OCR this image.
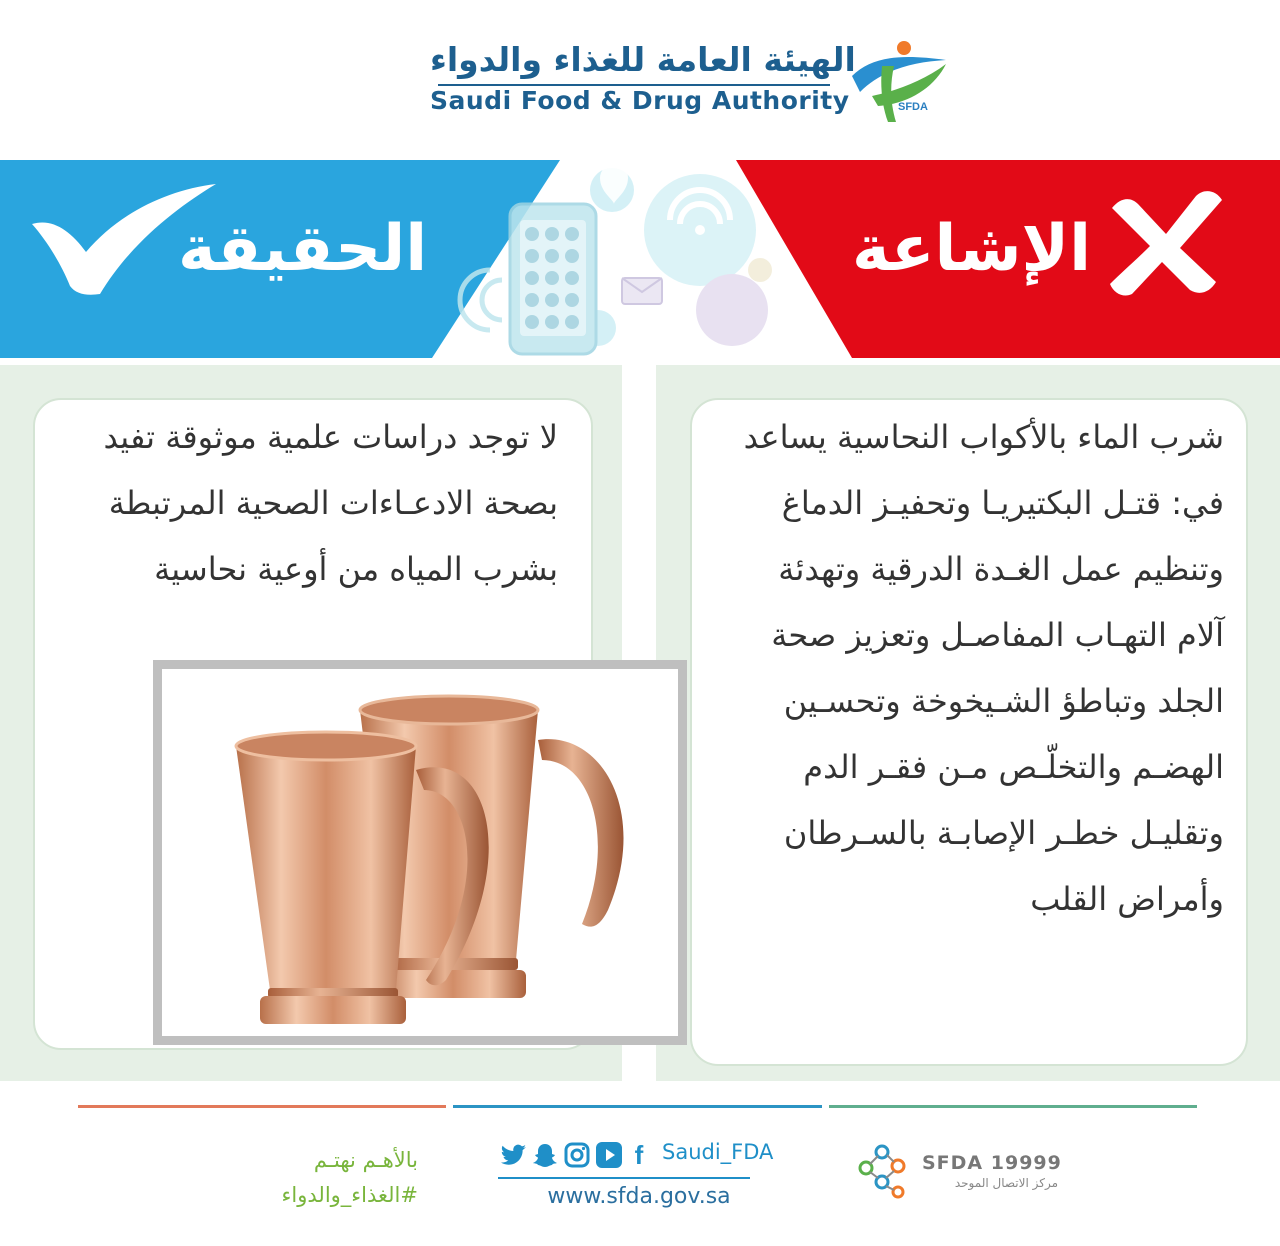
الهيئة العامة للغذاء والدواء
Saudi Food & Drug Authority	SFDA
الحقيقة	الإشاعة

لا توجد دراسات علمية موثوقة تفيد

بصحة الادعـاءات الصحية المرتبطة

بشرب المياه من أوعية نحاسية

شرب الماء بالأكواب النحاسية يساعد

في: قتـل البكتيريـا وتحفيـز الدماغ

وتنظيم عمل الغـدة الدرقية وتهدئة

آلام التهـاب المفاصـل وتعزيز صحة

الجلد وتباطؤ الشـيخوخة وتحسـين

الهضـم والتخلّـص مـن فقـر الدم

وتقليـل خطـر الإصابـة بالسـرطان

وأمراض القلب

بالأهـم نهتـم
#الغذاء_والدواء
f Saudi_FDA
www.sfda.gov.sa
SFDA 19999
مركز الاتصال الموحد
